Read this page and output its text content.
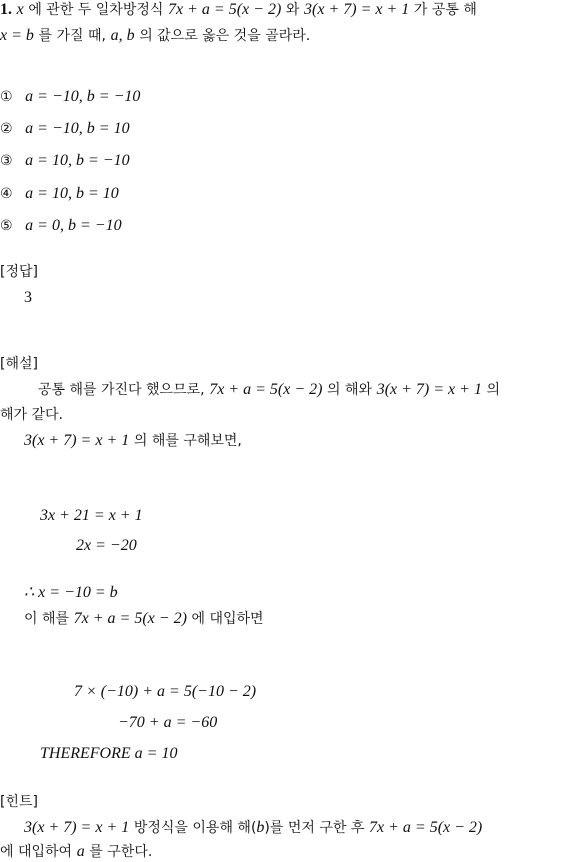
1. x 에 관한 두 일차방정식 7x + a = 5(x − 2) 와 3(x + 7) = x + 1 가 공통 해
x = b 를 가질 때, a, b 의 값으로 옳은 것을 골라라.
① a = −10, b = −10
② a = −10, b = 10
③ a = 10, b = −10
④ a = 10, b = 10
⑤ a = 0, b = −10
[정답]
3
[해설]
공통 해를 가진다 했으므로, 7x + a = 5(x − 2) 의 해와 3(x + 7) = x + 1 의
해가 같다.
3(x + 7) = x + 1 의 해를 구해보면,
3x + 21 = x + 1
2x = −20
∴ x = −10 = b
이 해를 7x + a = 5(x − 2) 에 대입하면
7 × (−10) + a = 5(−10 − 2)
−70 + a = −60
THEREFORE a = 10
[힌트]
3(x + 7) = x + 1 방정식을 이용해 해(b)를 먼저 구한 후 7x + a = 5(x − 2)
에 대입하여 a 를 구한다.
